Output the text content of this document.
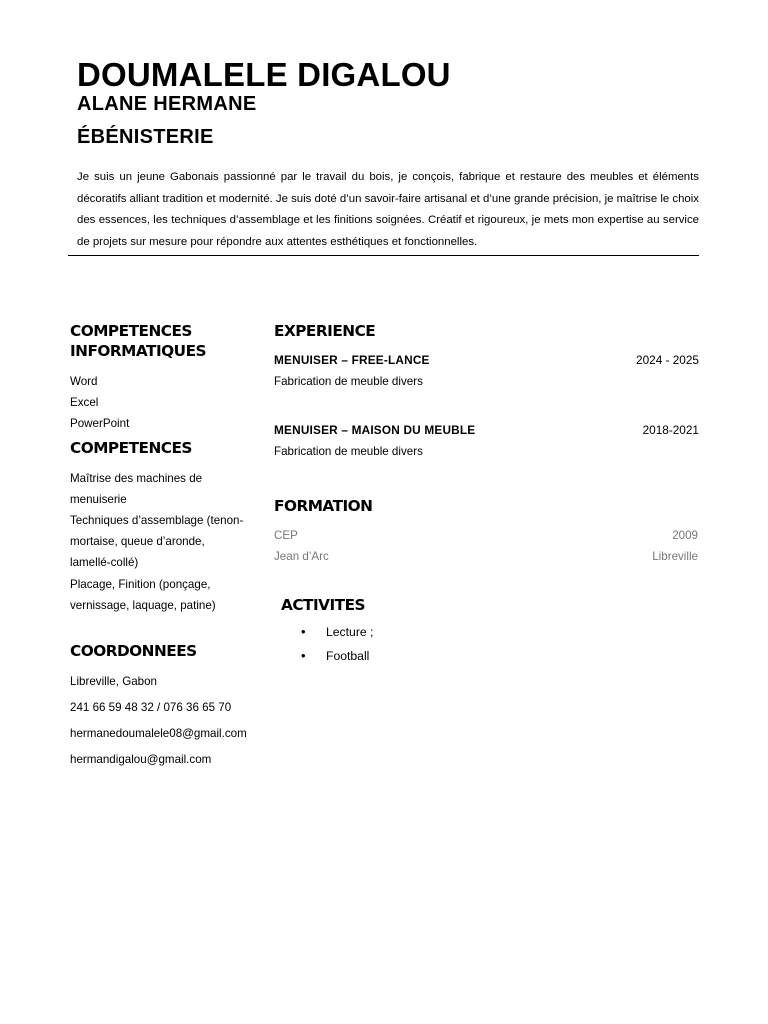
DOUMALELE DIGALOU
ALANE HERMANE
ÉBÉNISTERIE
Je suis un jeune Gabonais passionné par le travail du bois, je conçois, fabrique et restaure des meubles et éléments décoratifs alliant tradition et modernité. Je suis doté d’un savoir-faire artisanal et d’une grande précision, je maîtrise le choix des essences, les techniques d’assemblage et les finitions soignées. Créatif et rigoureux, je mets mon expertise au service de projets sur mesure pour répondre aux attentes esthétiques et fonctionnelles.
COMPETENCES
INFORMATIQUES
Word
Excel
PowerPoint
COMPETENCES
Maîtrise des machines de menuiserie
Techniques d’assemblage (tenon-mortaise, queue d’aronde, lamellé-collé)
Placage, Finition (ponçage, vernissage, laquage, patine)
COORDONNEES
Libreville, Gabon
241 66 59 48 32 / 076 36 65 70
hermanedoumalele08@gmail.com
hermandigalou@gmail.com
EXPERIENCE
MENUISER – FREE-LANCE	2024 - 2025
Fabrication de meuble divers
MENUISER – MAISON DU MEUBLE	2018-2021
Fabrication de meuble divers
FORMATION
CEP	2009
Jean d’Arc	Libreville
ACTIVITES
• Lecture ;
• Football
